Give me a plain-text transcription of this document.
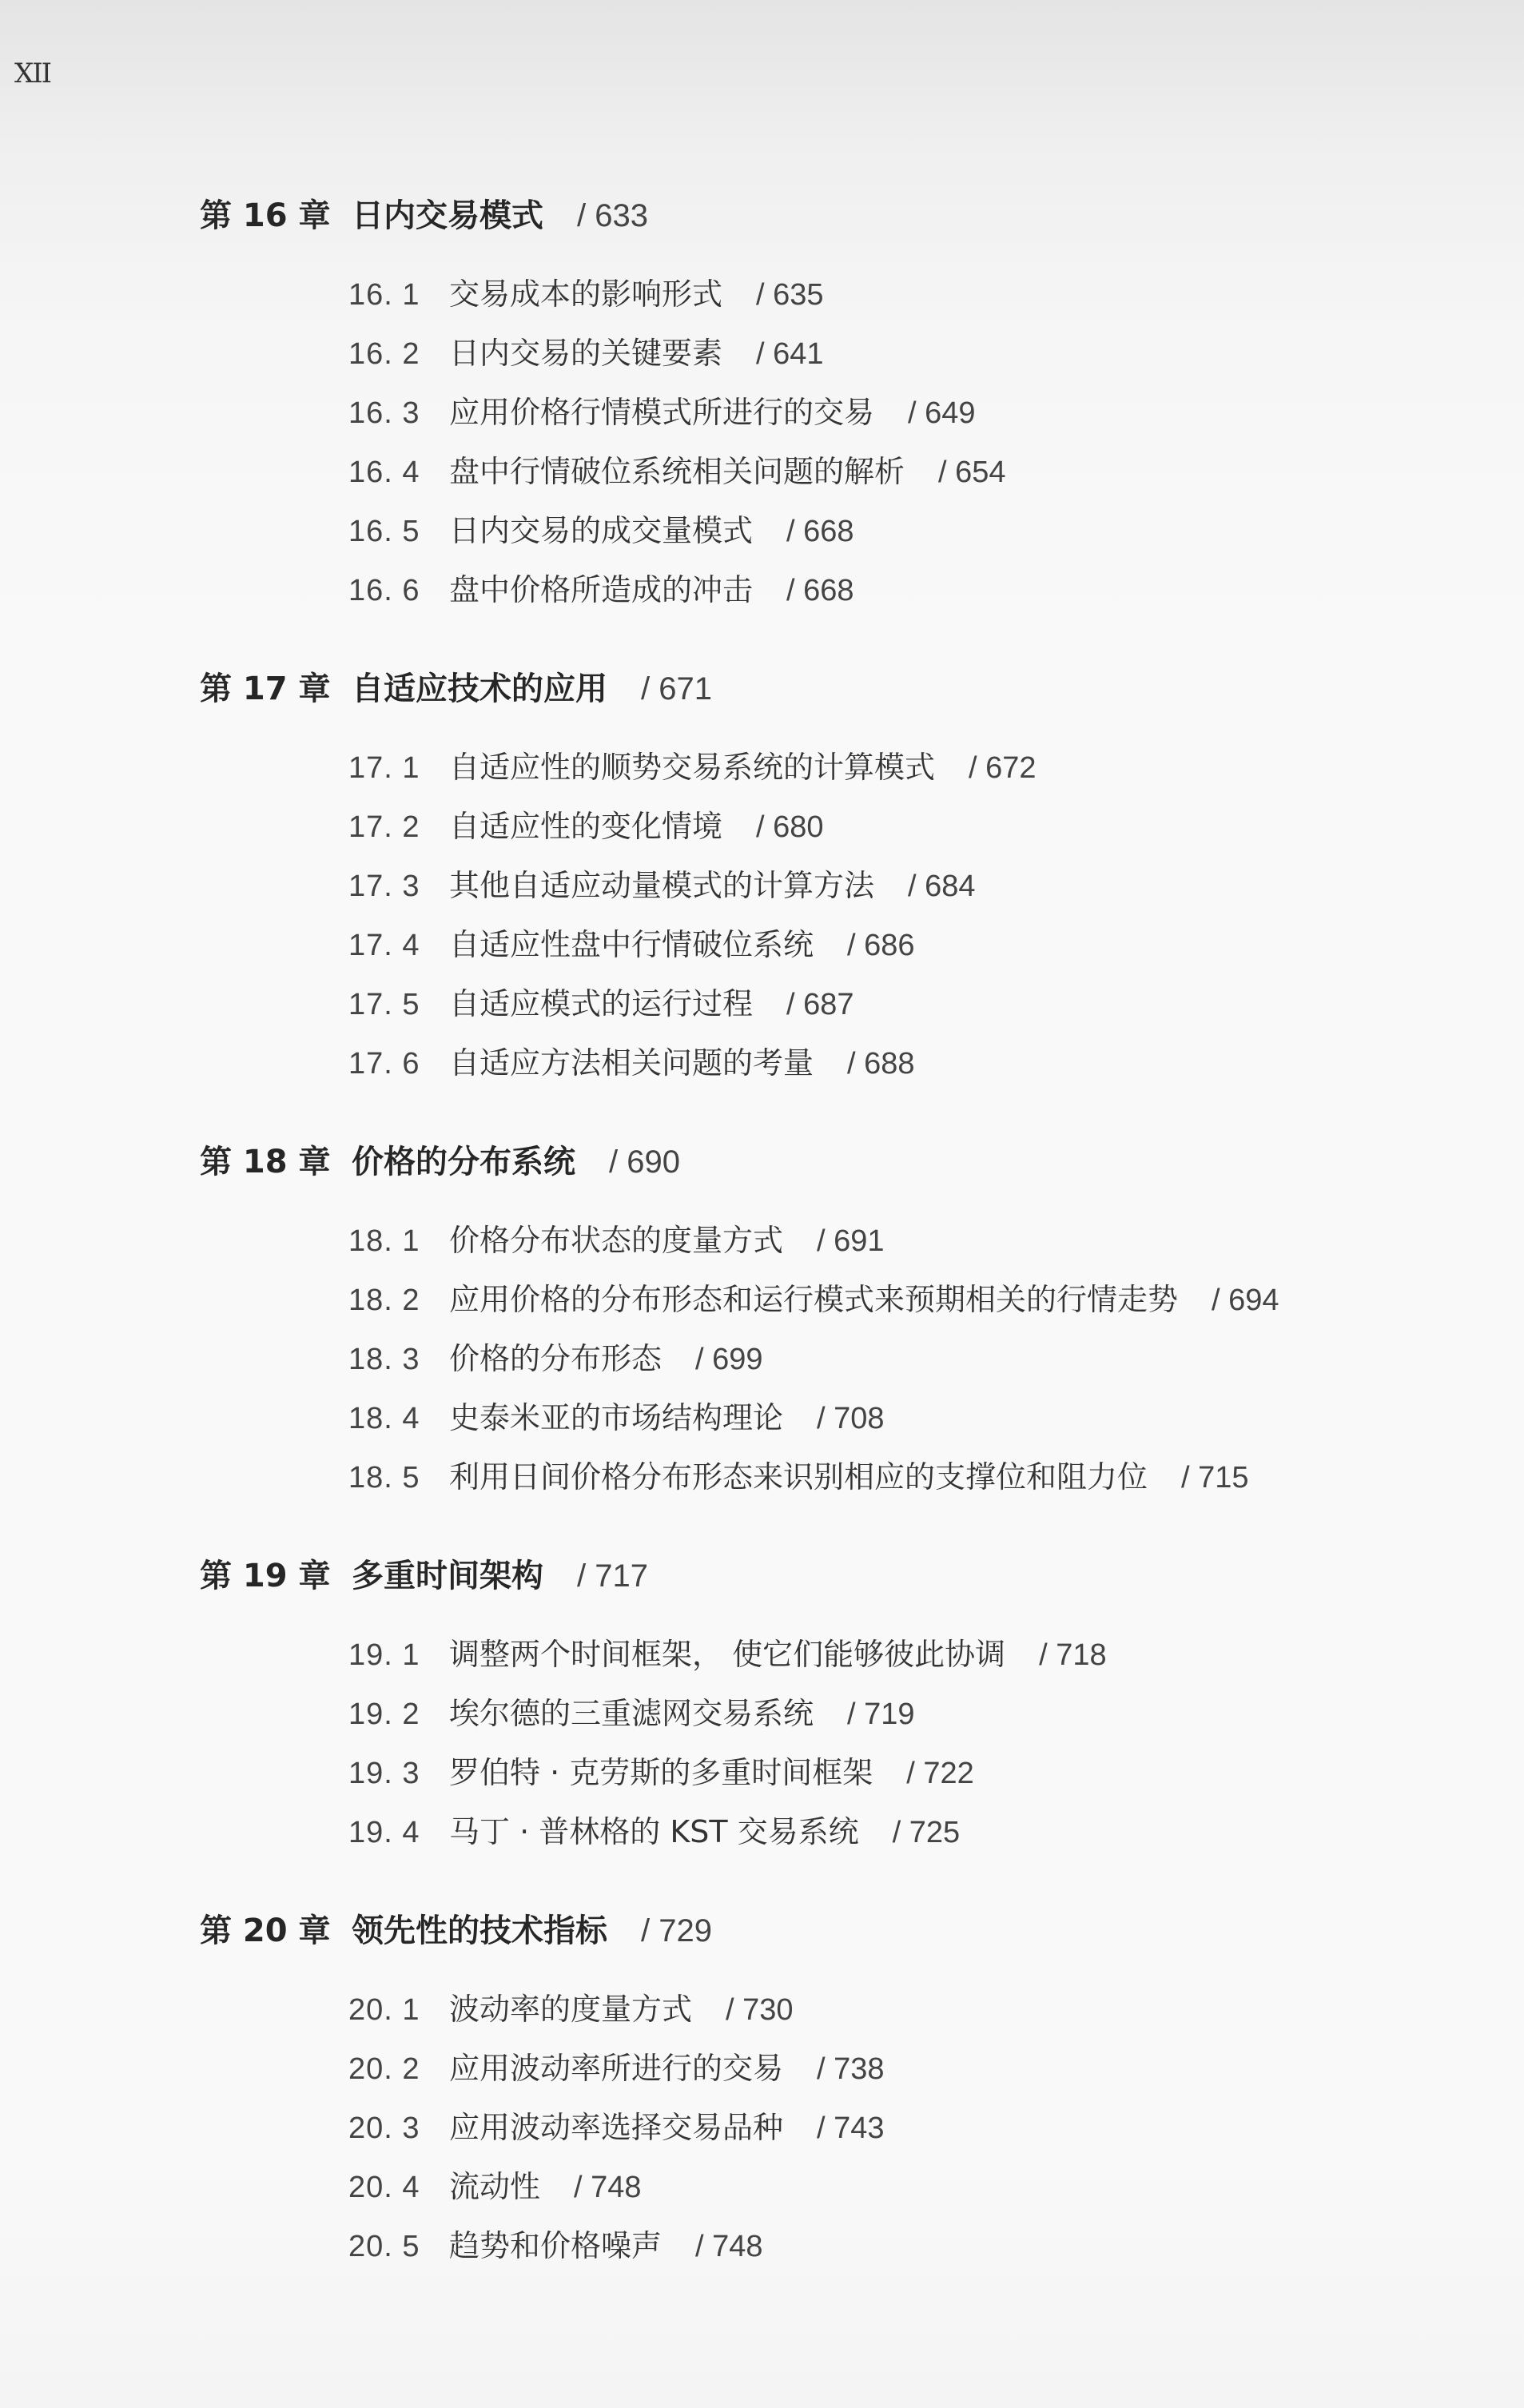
XII
第 16 章 日内交易模式 / 633
16. 1 交易成本的影响形式 / 635
16. 2 日内交易的关键要素 / 641
16. 3 应用价格行情模式所进行的交易 / 649
16. 4 盘中行情破位系统相关问题的解析 / 654
16. 5 日内交易的成交量模式 / 668
16. 6 盘中价格所造成的冲击 / 668
第 17 章 自适应技术的应用 / 671
17. 1 自适应性的顺势交易系统的计算模式 / 672
17. 2 自适应性的变化情境 / 680
17. 3 其他自适应动量模式的计算方法 / 684
17. 4 自适应性盘中行情破位系统 / 686
17. 5 自适应模式的运行过程 / 687
17. 6 自适应方法相关问题的考量 / 688
第 18 章 价格的分布系统 / 690
18. 1 价格分布状态的度量方式 / 691
18. 2 应用价格的分布形态和运行模式来预期相关的行情走势 / 694
18. 3 价格的分布形态 / 699
18. 4 史泰米亚的市场结构理论 / 708
18. 5 利用日间价格分布形态来识别相应的支撑位和阻力位 / 715
第 19 章 多重时间架构 / 717
19. 1 调整两个时间框架， 使它们能够彼此协调 / 718
19. 2 埃尔德的三重滤网交易系统 / 719
19. 3 罗伯特 · 克劳斯的多重时间框架 / 722
19. 4 马丁 · 普林格的 KST 交易系统 / 725
第 20 章 领先性的技术指标 / 729
20. 1 波动率的度量方式 / 730
20. 2 应用波动率所进行的交易 / 738
20. 3 应用波动率选择交易品种 / 743
20. 4 流动性 / 748
20. 5 趋势和价格噪声 / 748
